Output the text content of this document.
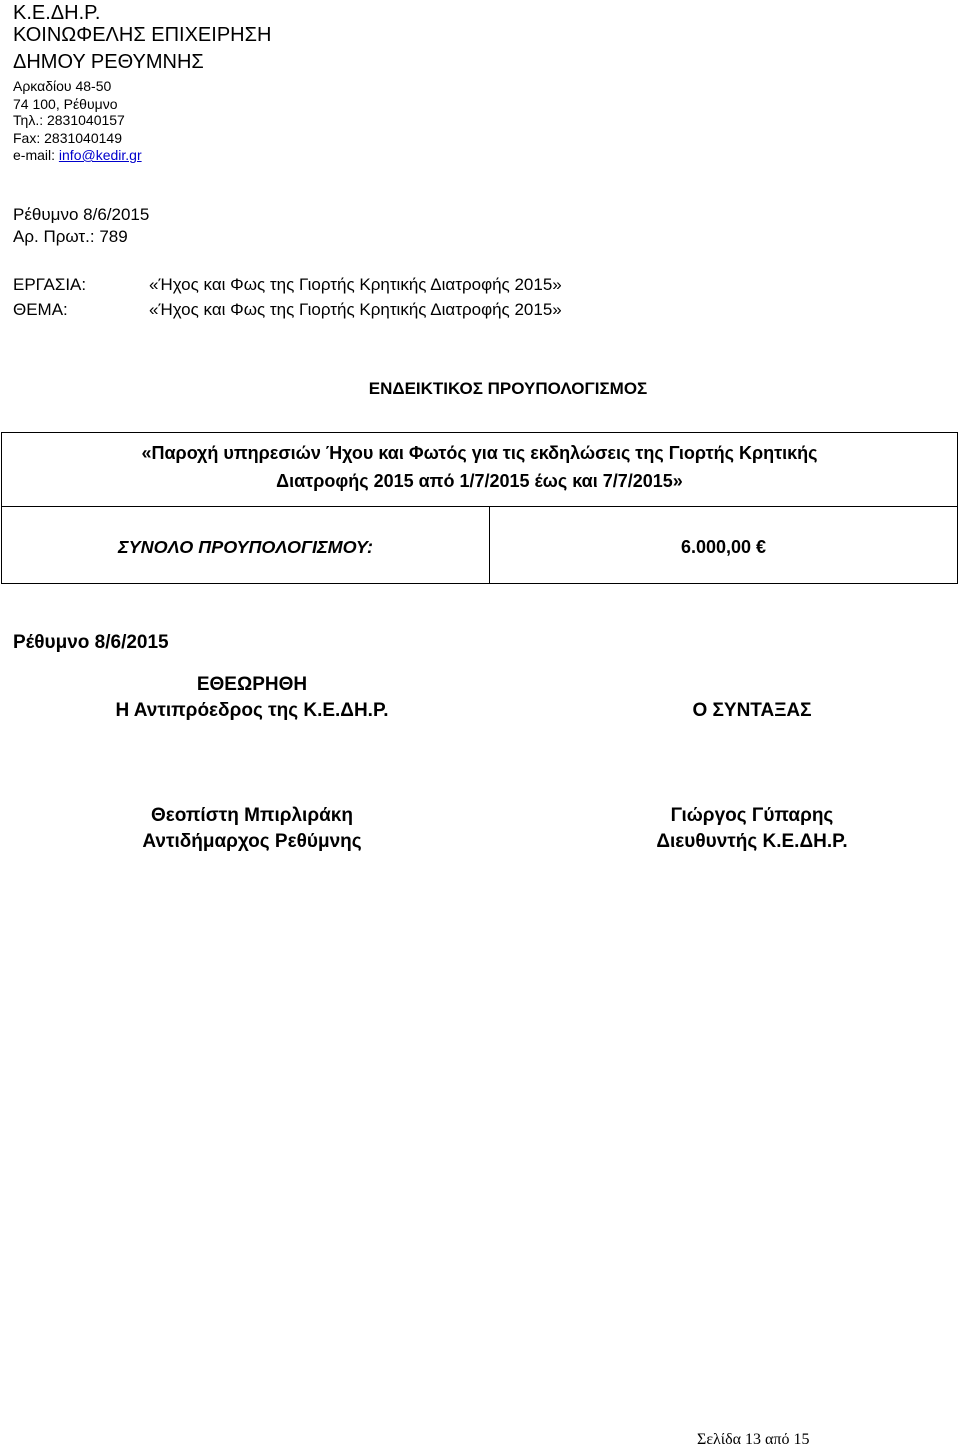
Κ.Ε.ΔΗ.Ρ.
ΚΟΙΝΩΦΕΛΗΣ ΕΠΙΧΕΙΡΗΣΗ
ΔΗΜΟΥ ΡΕΘΥΜΝΗΣ
Αρκαδίου 48-50
74 100, Ρέθυμνο
Τηλ.: 2831040157
Fax: 2831040149
e-mail: info@kedir.gr
Ρέθυμνο 8/6/2015
Αρ. Πρωτ.: 789
ΕΡΓΑΣΙΑ:	«Ήχος και Φως της Γιορτής Κρητικής Διατροφής 2015»
ΘΕΜΑ:	«Ήχος και Φως της Γιορτής Κρητικής Διατροφής 2015»
ΕΝΔΕΙΚΤΙΚΟΣ ΠΡΟΥΠΟΛΟΓΙΣΜΟΣ
«Παροχή υπηρεσιών Ήχου και Φωτός για τις εκδηλώσεις της Γιορτής Κρητικής
Διατροφής 2015 από 1/7/2015 έως και 7/7/2015»
ΣΥΝΟΛΟ ΠΡΟΥΠΟΛΟΓΙΣΜΟΥ:	6.000,00 €
Ρέθυμνο 8/6/2015
ΕΘΕΩΡΗΘΗ
Η Αντιπρόεδρος της Κ.Ε.ΔΗ.Ρ.	Ο ΣΥΝΤΑΞΑΣ
Θεοπίστη Μπιρλιράκη
Αντιδήμαρχος Ρεθύμνης
Γιώργος Γύπαρης
Διευθυντής Κ.Ε.ΔΗ.Ρ.
Σελίδα 13 από 15
